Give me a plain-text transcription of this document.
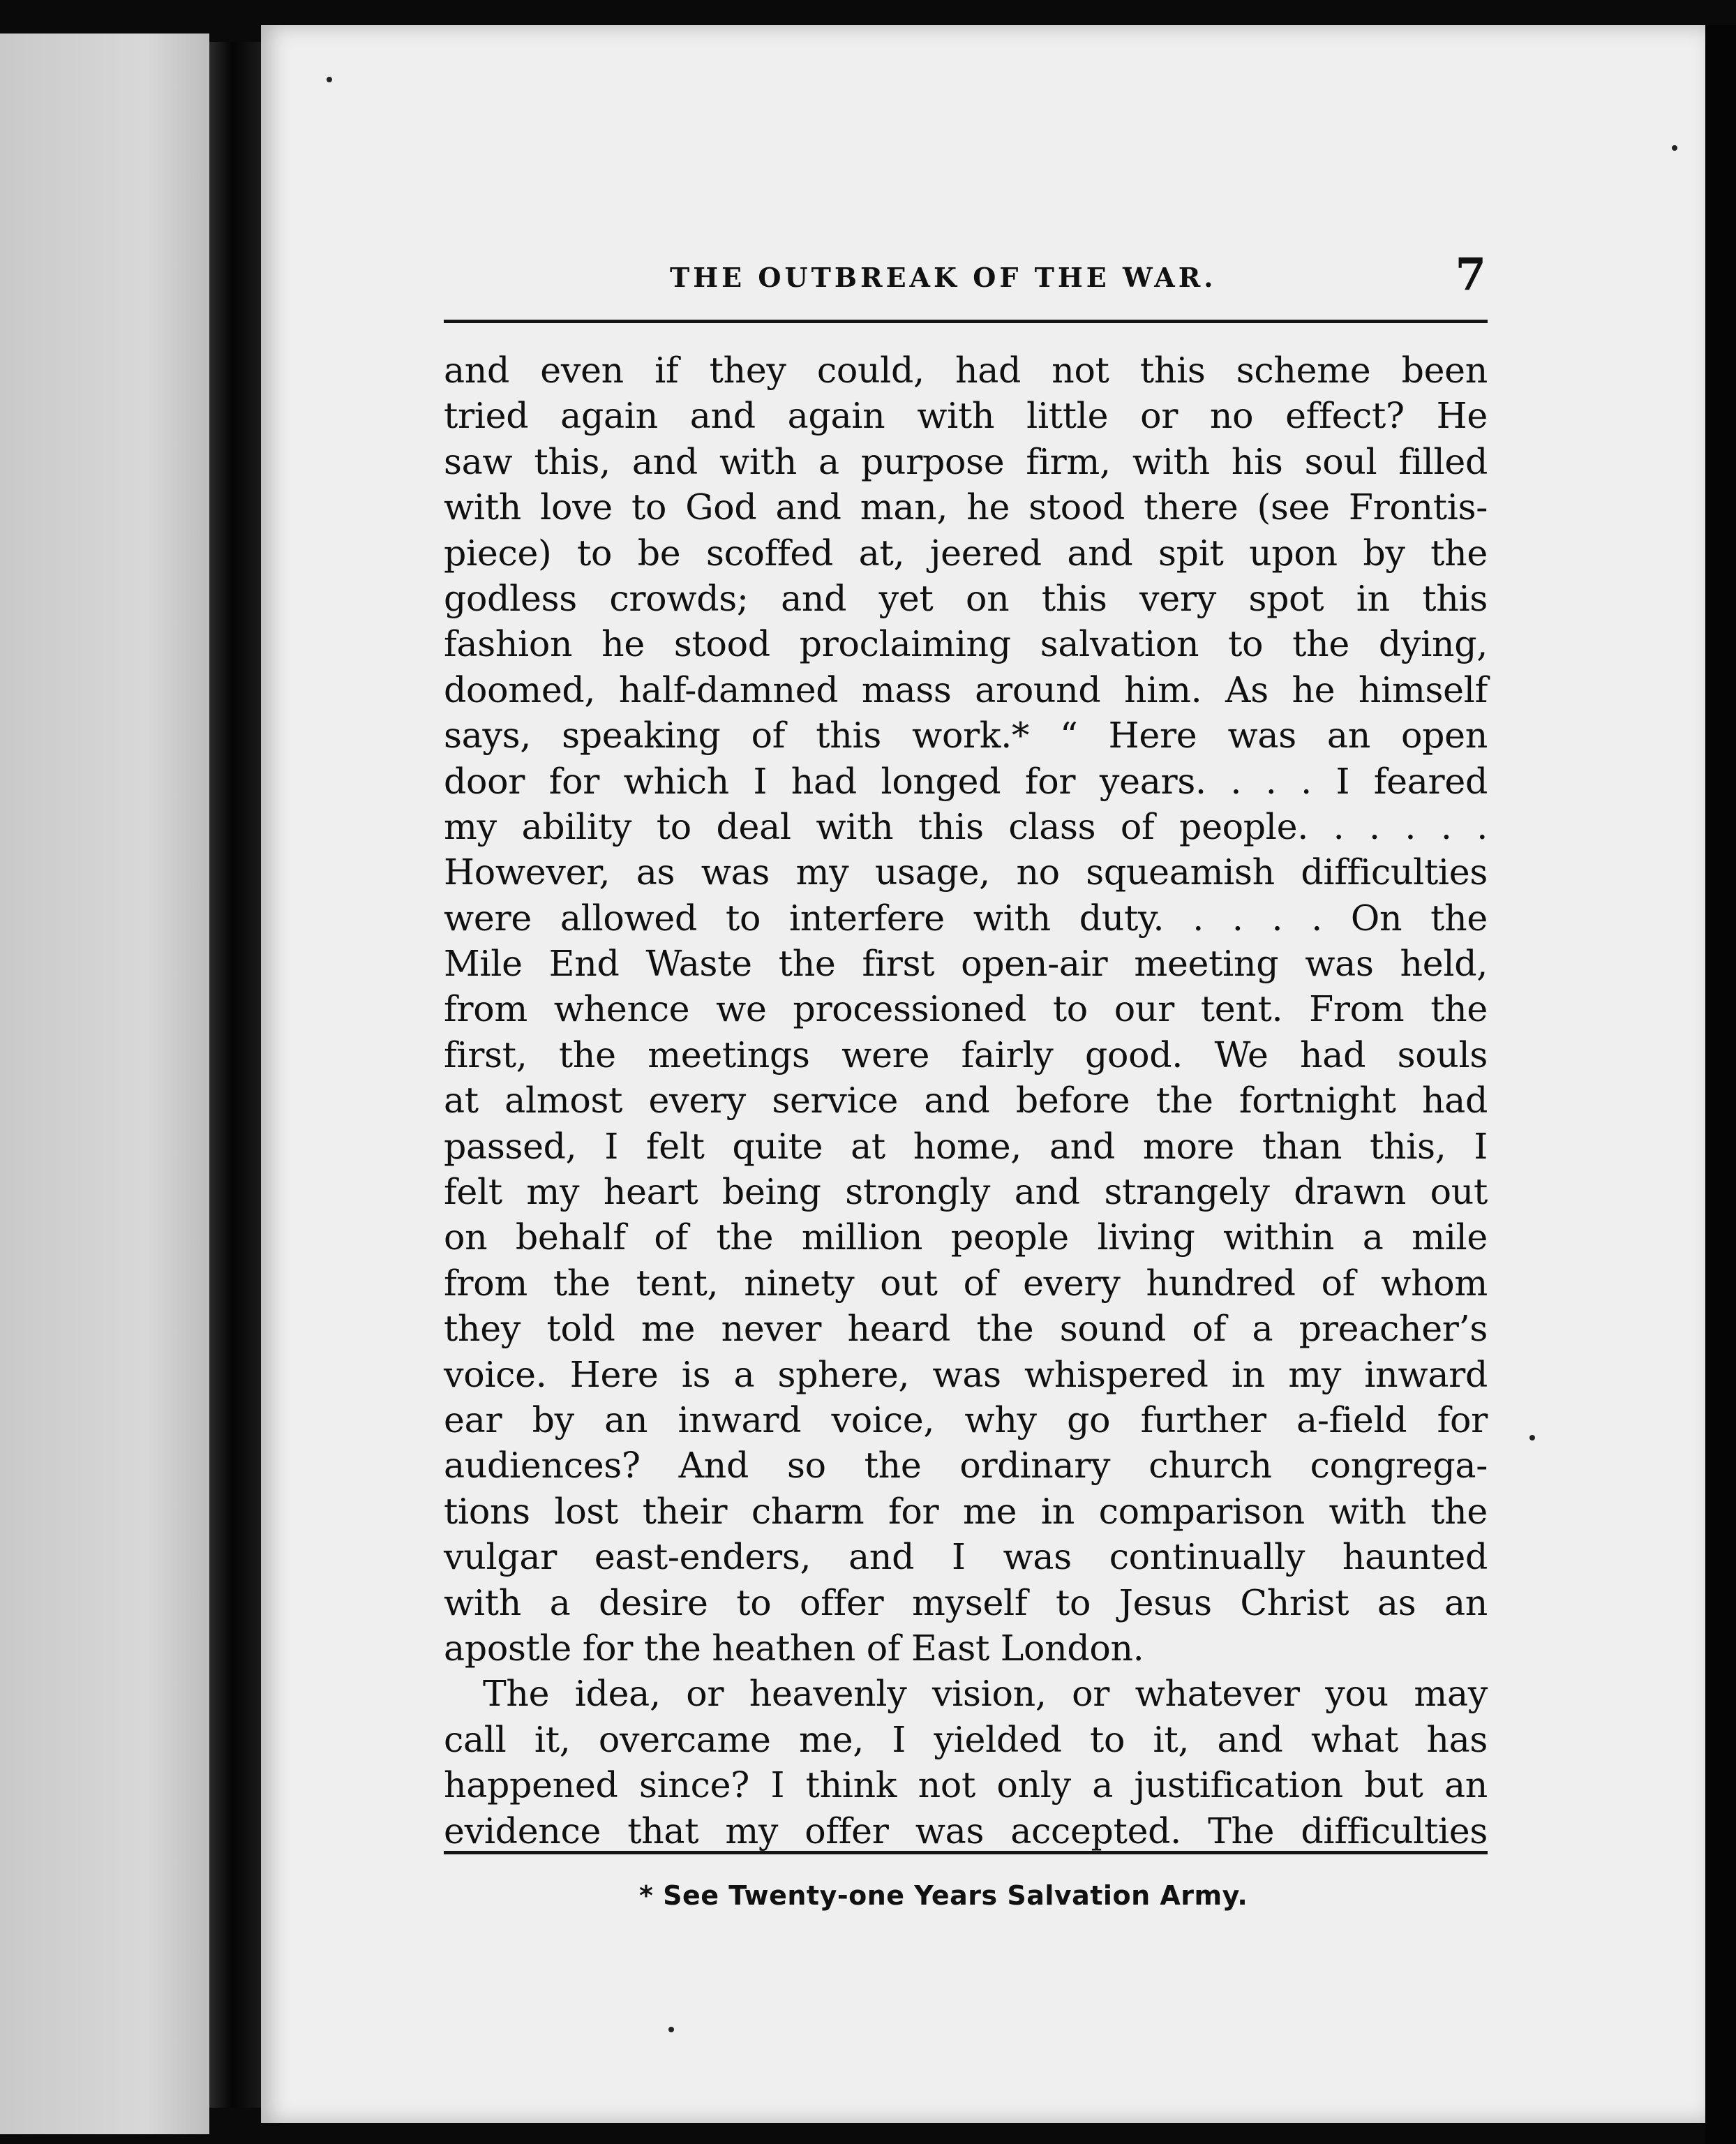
THE OUTBREAK OF THE WAR.	7
and even if they could, had not this scheme been
tried again and again with little or no effect? He
saw this, and with a purpose firm, with his soul filled
with love to God and man, he stood there (see Frontis-
piece) to be scoffed at, jeered and spit upon by the
godless crowds; and yet on this very spot in this
fashion he stood proclaiming salvation to the dying,
doomed, half-damned mass around him. As he himself
says, speaking of this work.* “ Here was an open
door for which I had longed for years. . . . I feared
my ability to deal with this class of people. . . . . .
However, as was my usage, no squeamish difficulties
were allowed to interfere with duty. . . . . On the
Mile End Waste the first open-air meeting was held,
from whence we processioned to our tent. From the
first, the meetings were fairly good. We had souls
at almost every service and before the fortnight had
passed, I felt quite at home, and more than this, I
felt my heart being strongly and strangely drawn out
on behalf of the million people living within a mile
from the tent, ninety out of every hundred of whom
they told me never heard the sound of a preacher’s
voice. Here is a sphere, was whispered in my inward
ear by an inward voice, why go further a-field for
audiences? And so the ordinary church congrega-
tions lost their charm for me in comparison with the
vulgar east-enders, and I was continually haunted
with a desire to offer myself to Jesus Christ as an
apostle for the heathen of East London.
The idea, or heavenly vision, or whatever you may
call it, overcame me, I yielded to it, and what has
happened since? I think not only a justification but an
evidence that my offer was accepted. The difficulties
* See Twenty-one Years Salvation Army.
